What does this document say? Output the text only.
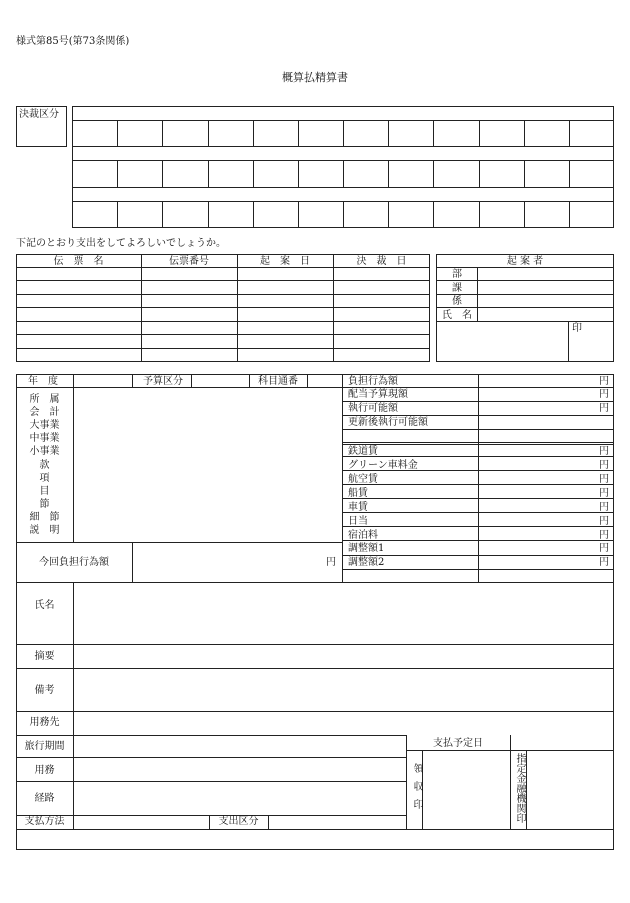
様式第85号(第73条関係)
概算払精算書
決裁区分
下記のとおり支出をしてよろしいでしょうか。
伝　票　名	伝票番号	起　案　日	決　裁　日	起 案 者
部
課
係
氏　名
印
年　度	予算区分	科目通番
所　属
会　計
大事業
中事業
小事業
款
項
目
節
細　節
説　明
今回負担行為額	円
負担行為額	円
配当予算現額	円
執行可能額	円
更新後執行可能額
鉄道賃	円
グリーン車料金	円
航空賃	円
船賃	円
車賃	円
日当	円
宿泊料	円
調整額1	円
調整額2	円
氏名
摘要
備考
用務先
旅行期間
用務
経路
支払方法	支出区分
支払予定日
領収印	指定金融機関印
